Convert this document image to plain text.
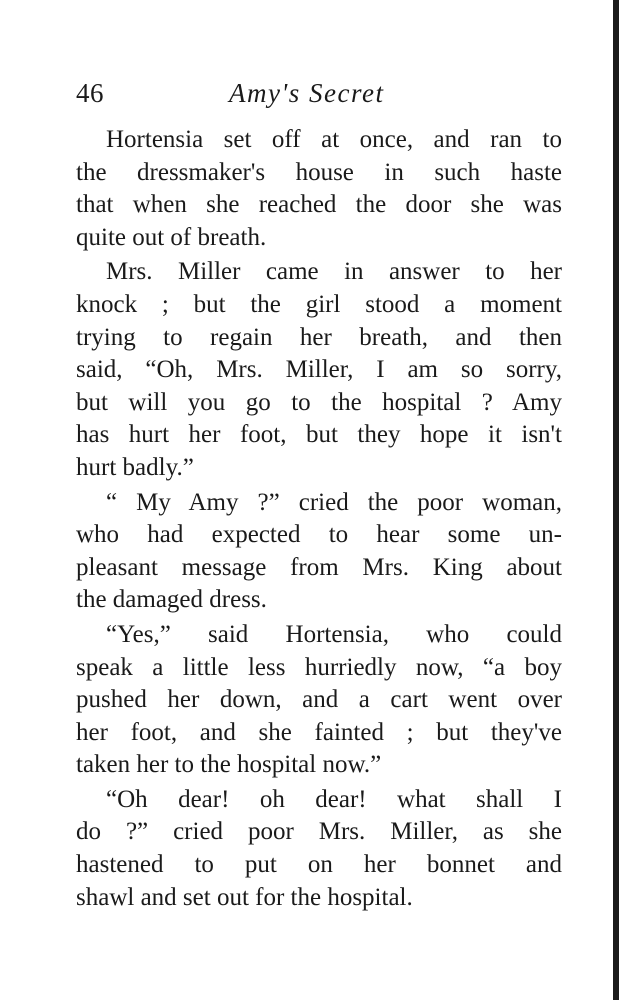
46	Amy's Secret
Hortensia set off at once, and ran to
the dressmaker's house in such haste
that when she reached the door she was
quite out of breath.
Mrs. Miller came in answer to her
knock ; but the girl stood a moment
trying to regain her breath, and then
said, “Oh, Mrs. Miller, I am so sorry,
but will you go to the hospital ? Amy
has hurt her foot, but they hope it isn't
hurt badly.”
“ My Amy ?” cried the poor woman,
who had expected to hear some un-
pleasant message from Mrs. King about
the damaged dress.
“Yes,” said Hortensia, who could
speak a little less hurriedly now, “a boy
pushed her down, and a cart went over
her foot, and she fainted ; but they've
taken her to the hospital now.”
“Oh dear! oh dear! what shall I
do ?” cried poor Mrs. Miller, as she
hastened to put on her bonnet and
shawl and set out for the hospital.
